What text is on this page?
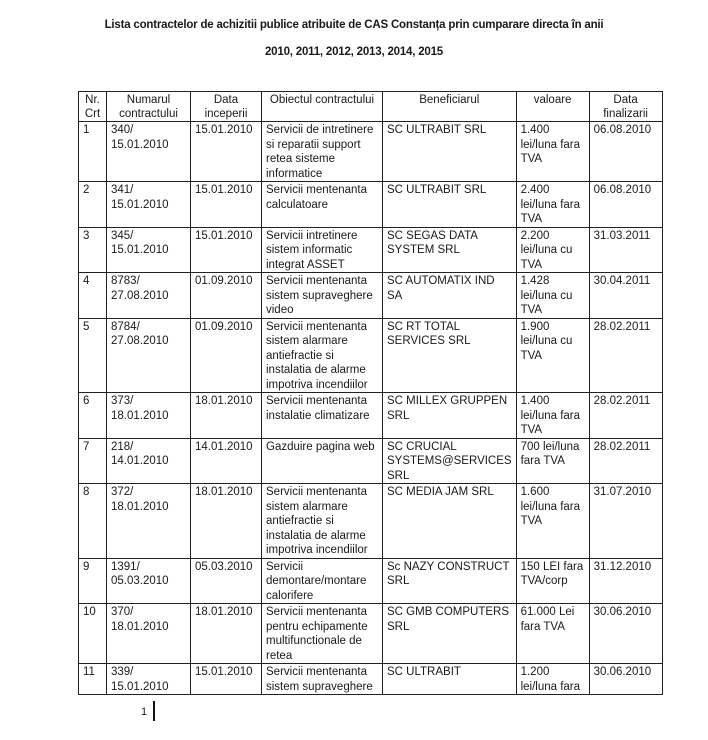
Lista contractelor de achizitii publice atribuite de CAS Constanța prin cumparare directa în anii
2010, 2011, 2012, 2013, 2014, 2015
Nr. Crt	Numarul contractului	Data inceperii	Obiectul contractului	Beneficiarul	valoare	Data finalizarii
1	340/ 15.01.2010	15.01.2010	Servicii de intretinere si reparatii support retea sisteme informatice	SC ULTRABIT SRL	1.400 lei/luna fara TVA	06.08.2010
2	341/ 15.01.2010	15.01.2010	Servicii mentenanta calculatoare	SC ULTRABIT SRL	2.400 lei/luna fara TVA	06.08.2010
3	345/ 15.01.2010	15.01.2010	Servicii intretinere sistem informatic integrat ASSET	SC SEGAS DATA SYSTEM SRL	2.200 lei/luna cu TVA	31.03.2011
4	8783/ 27.08.2010	01.09.2010	Servicii mentenanta sistem supraveghere video	SC AUTOMATIX IND SA	1.428 lei/luna cu TVA	30.04.2011
5	8784/ 27.08.2010	01.09.2010	Servicii mentenanta sistem alarmare antiefractie si instalatia de alarme impotriva incendiilor	SC RT TOTAL SERVICES SRL	1.900 lei/luna cu TVA	28.02.2011
6	373/ 18.01.2010	18.01.2010	Servicii mentenanta instalatie climatizare	SC MILLEX GRUPPEN SRL	1.400 lei/luna fara TVA	28.02.2011
7	218/ 14.01.2010	14.01.2010	Gazduire pagina web	SC CRUCIAL SYSTEMS@SERVICES SRL	700 lei/luna fara TVA	28.02.2011
8	372/ 18.01.2010	18.01.2010	Servicii mentenanta sistem alarmare antiefractie si instalatia de alarme impotriva incendiilor	SC MEDIA JAM SRL	1.600 lei/luna fara TVA	31.07.2010
9	1391/ 05.03.2010	05.03.2010	Servicii demontare/montare calorifere	Sc NAZY CONSTRUCT SRL	150 LEI fara TVA/corp	31.12.2010
10	370/ 18.01.2010	18.01.2010	Servicii mentenanta pentru echipamente multifunctionale de retea	SC GMB COMPUTERS SRL	61.000 Lei fara TVA	30.06.2010
11	339/ 15.01.2010	15.01.2010	Servicii mentenanta sistem supraveghere	SC ULTRABIT	1.200 lei/luna fara	30.06.2010
1
